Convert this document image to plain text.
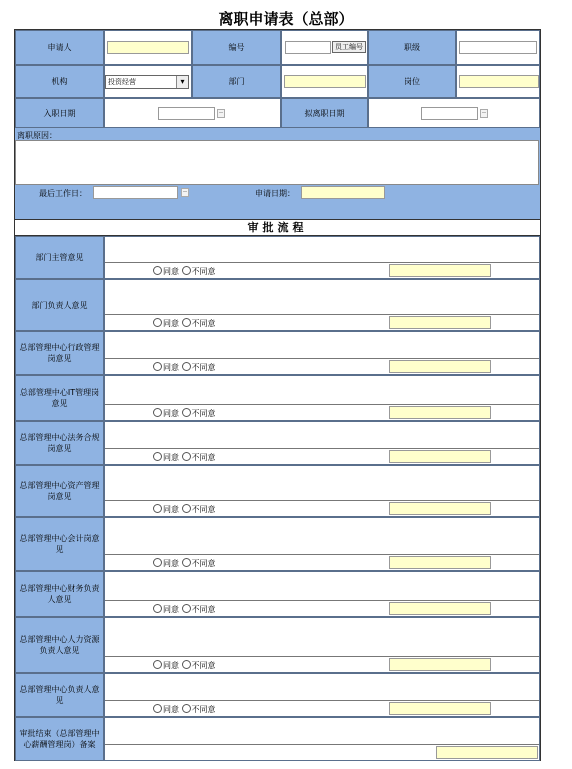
离职申请表（总部）
申请人	编号	员工编号	职级
机构	投资经营	▾	部门	岗位
入职日期	拟离职日期
离职原因：
最后工作日：	申请日期：
审批流程
部门主管意见
同意 不同意
部门负责人意见
同意 不同意
总部管理中心行政管理岗意见
同意 不同意
总部管理中心IT管理岗意见
同意 不同意
总部管理中心法务合规岗意见
同意 不同意
总部管理中心资产管理岗意见
同意 不同意
总部管理中心会计岗意见
同意 不同意
总部管理中心财务负责人意见
同意 不同意
总部管理中心人力资源负责人意见
同意 不同意
总部管理中心负责人意见
同意 不同意
审批结束（总部管理中心薪酬管理岗）备案
